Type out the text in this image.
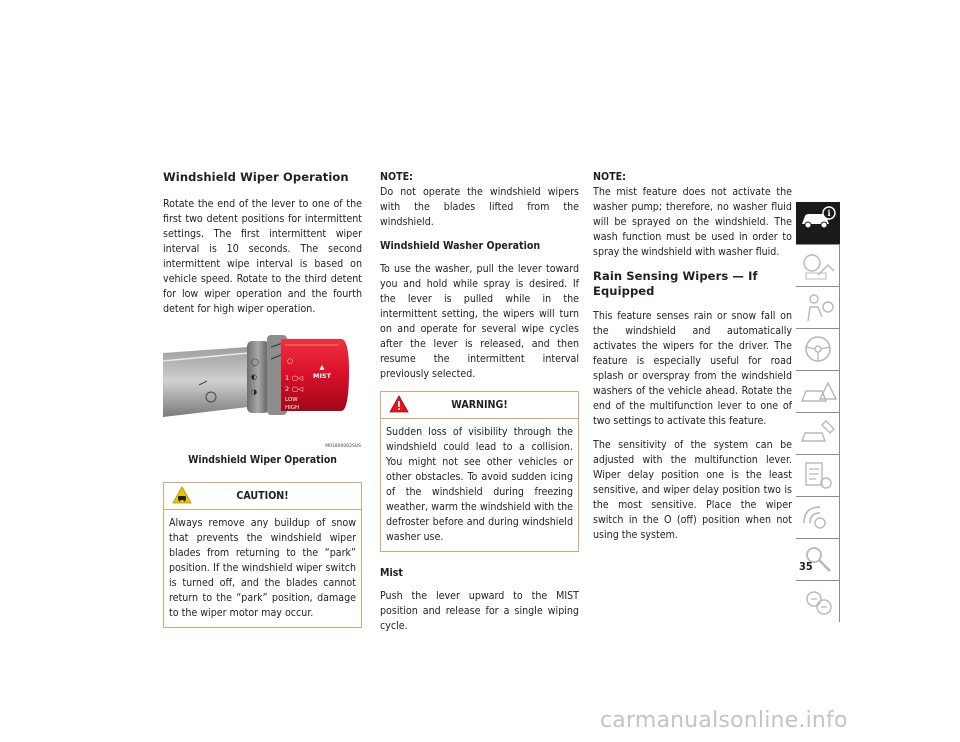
Windshield Wiper Operation

Rotate the end of the lever to one of the first two detent positions for intermittent settings. The first intermittent wiper interval is 10 seconds. The second intermittent wipe interval is based on vehicle speed. Rotate to the third detent for low wiper operation and the fourth detent for high wiper operation.

◯
◐
◑
▲
MIST
○
1 ▢◁
2 ▢◁
LOW
HIGH
M01800002SUS
Windshield Wiper Operation
CAUTION!
Always remove any buildup of snow that prevents the windshield wiper blades from returning to the “park” position. If the windshield wiper switch is turned off, and the blades cannot return to the “park” position, damage to the wiper motor may occur.

NOTE:
Do not operate the windshield wipers with the blades lifted from the windshield.

Windshield Washer Operation

To use the washer, pull the lever toward you and hold while spray is desired. If the lever is pulled while in the intermittent setting, the wipers will turn on and operate for several wipe cycles after the lever is released, and then resume the intermittent interval previously selected.

WARNING!
Sudden loss of visibility through the windshield could lead to a collision. You might not see other vehicles or other obstacles. To avoid sudden icing of the windshield during freezing weather, warm the windshield with the defroster before and during windshield washer use.
Mist

Push the lever upward to the MIST position and release for a single wiping cycle.

NOTE:
The mist feature does not activate the washer pump; therefore, no washer fluid will be sprayed on the windshield. The wash function must be used in order to spray the windshield with washer fluid.

Rain Sensing Wipers — If Equipped

This feature senses rain or snow fall on the windshield and automatically activates the wipers for the driver. The feature is especially useful for road splash or overspray from the windshield washers of the vehicle ahead. Rotate the end of the multifunction lever to one of two settings to activate this feature.

The sensitivity of the system can be adjusted with the multifunction lever. Wiper delay position one is the least sensitive, and wiper delay position two is the most sensitive. Place the wiper switch in the O (off) position when not using the system.

i
35
carmanualsonline.info
